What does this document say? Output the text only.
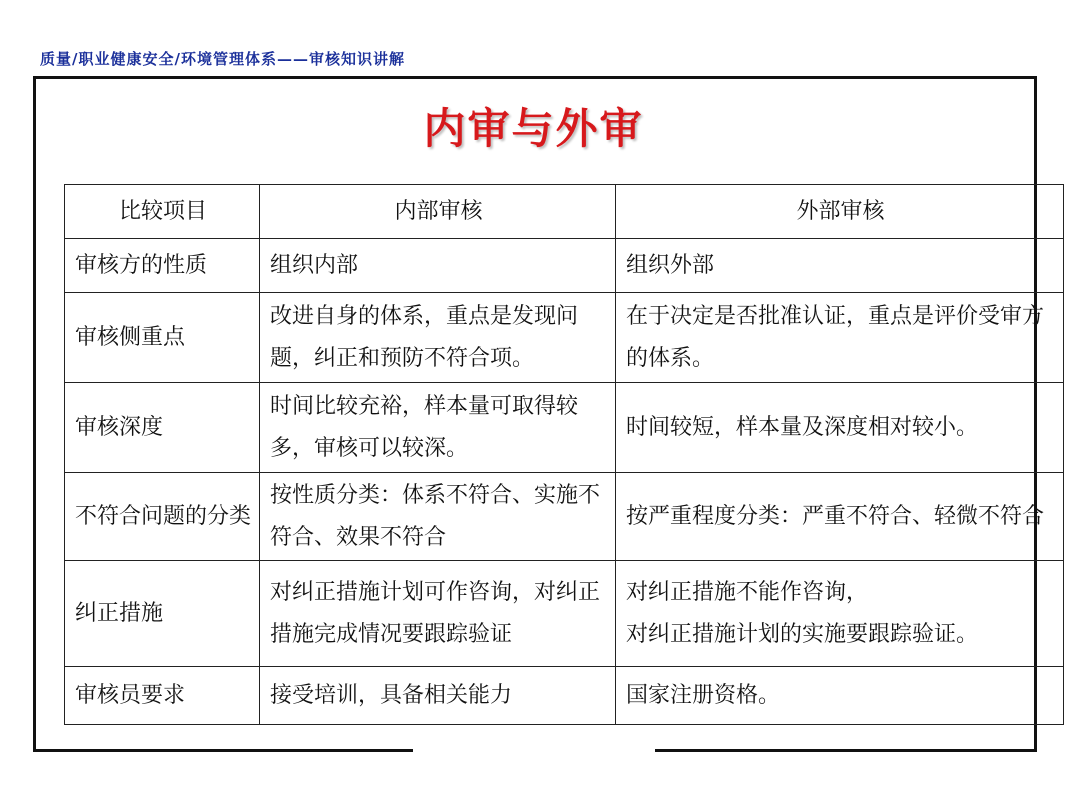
质量/职业健康安全/环境管理体系——审核知识讲解
内审与外审
比较项目	内部审核	外部审核
审核方的性质	组织内部	组织外部
审核侧重点	改进自身的体系，重点是发现问题，纠正和预防不符合项。	在于决定是否批准认证，重点是评价受审方的体系。
审核深度	时间比较充裕，样本量可取得较多，审核可以较深。	时间较短，样本量及深度相对较小。
不符合问题的分类	按性质分类：体系不符合、实施不符合、效果不符合	按严重程度分类：严重不符合、轻微不符合
纠正措施	对纠正措施计划可作咨询，对纠正措施完成情况要跟踪验证	对纠正措施不能作咨询，
对纠正措施计划的实施要跟踪验证。
审核员要求	接受培训，具备相关能力	国家注册资格。
